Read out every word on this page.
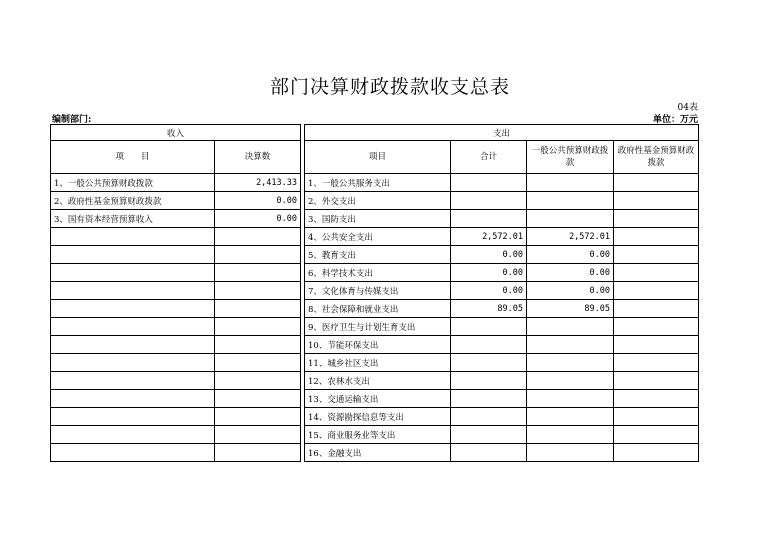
部门决算财政拨款收支总表
04表
编制部门:	单位：万元
收入			支出			
项　　目	决算数		项目	合计	一般公共预算财政拨款	政府性基金预算财政拨款
1、一般公共预算财政拨款	2,413.33		1、一般公共服务支出			
2、政府性基金预算财政拨款	0.00		2、外交支出			
3、国有资本经营预算收入	0.00		3、国防支出			
			4、公共安全支出	2,572.01	2,572.01	
			5、教育支出	0.00	0.00	
			6、科学技术支出	0.00	0.00	
			7、文化体育与传媒支出	0.00	0.00	
			8、社会保障和就业支出	89.05	89.05	
			9、医疗卫生与计划生育支出			
			10、节能环保支出			
			11、城乡社区支出			
			12、农林水支出			
			13、交通运输支出			
			14、资源勘探信息等支出			
			15、商业服务业等支出			
			16、金融支出			
